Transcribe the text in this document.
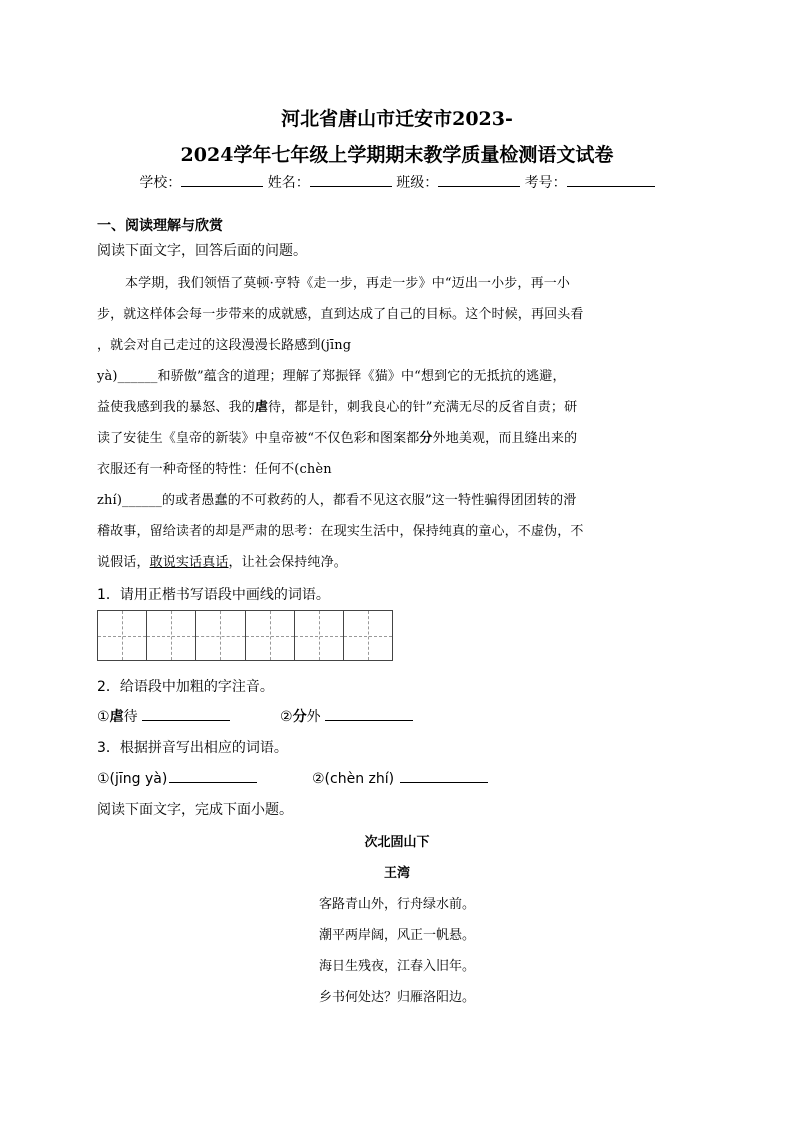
河北省唐山市迁安市2023-
2024学年七年级上学期期末教学质量检测语文试卷
学校：	姓名：	班级：	考号：
一、阅读理解与欣赏
阅读下面文字，回答后面的问题。
本学期，我们领悟了莫顿·亨特《走一步，再走一步》中“迈出一小步，再一小
步，就这样体会每一步带来的成就感，直到达成了自己的目标。这个时候，再回头看
，就会对自己走过的这段漫漫长路感到(jīng
yà)______和骄傲”蕴含的道理；理解了郑振铎《猫》中“想到它的无抵抗的逃避，
益使我感到我的暴怒、我的虐待，都是针，刺我良心的针”充满无尽的反省自责；研
读了安徒生《皇帝的新装》中皇帝被“不仅色彩和图案都分外地美观，而且缝出来的
衣服还有一种奇怪的特性：任何不(chèn
zhí)______的或者愚蠢的不可救药的人，都看不见这衣服”这一特性骗得团团转的滑
稽故事，留给读者的却是严肃的思考：在现实生活中，保持纯真的童心，不虚伪，不
说假话，敢说实话真话，让社会保持纯净。
1．请用正楷书写语段中画线的词语。
2．给语段中加粗的字注音。
①虐待	②分外
3．根据拼音写出相应的词语。
①(jīng yà)	②(chèn zhí)
阅读下面文字，完成下面小题。
次北固山下
王湾
客路青山外，行舟绿水前。
潮平两岸阔，风正一帆悬。
海日生残夜，江春入旧年。
乡书何处达？归雁洛阳边。
